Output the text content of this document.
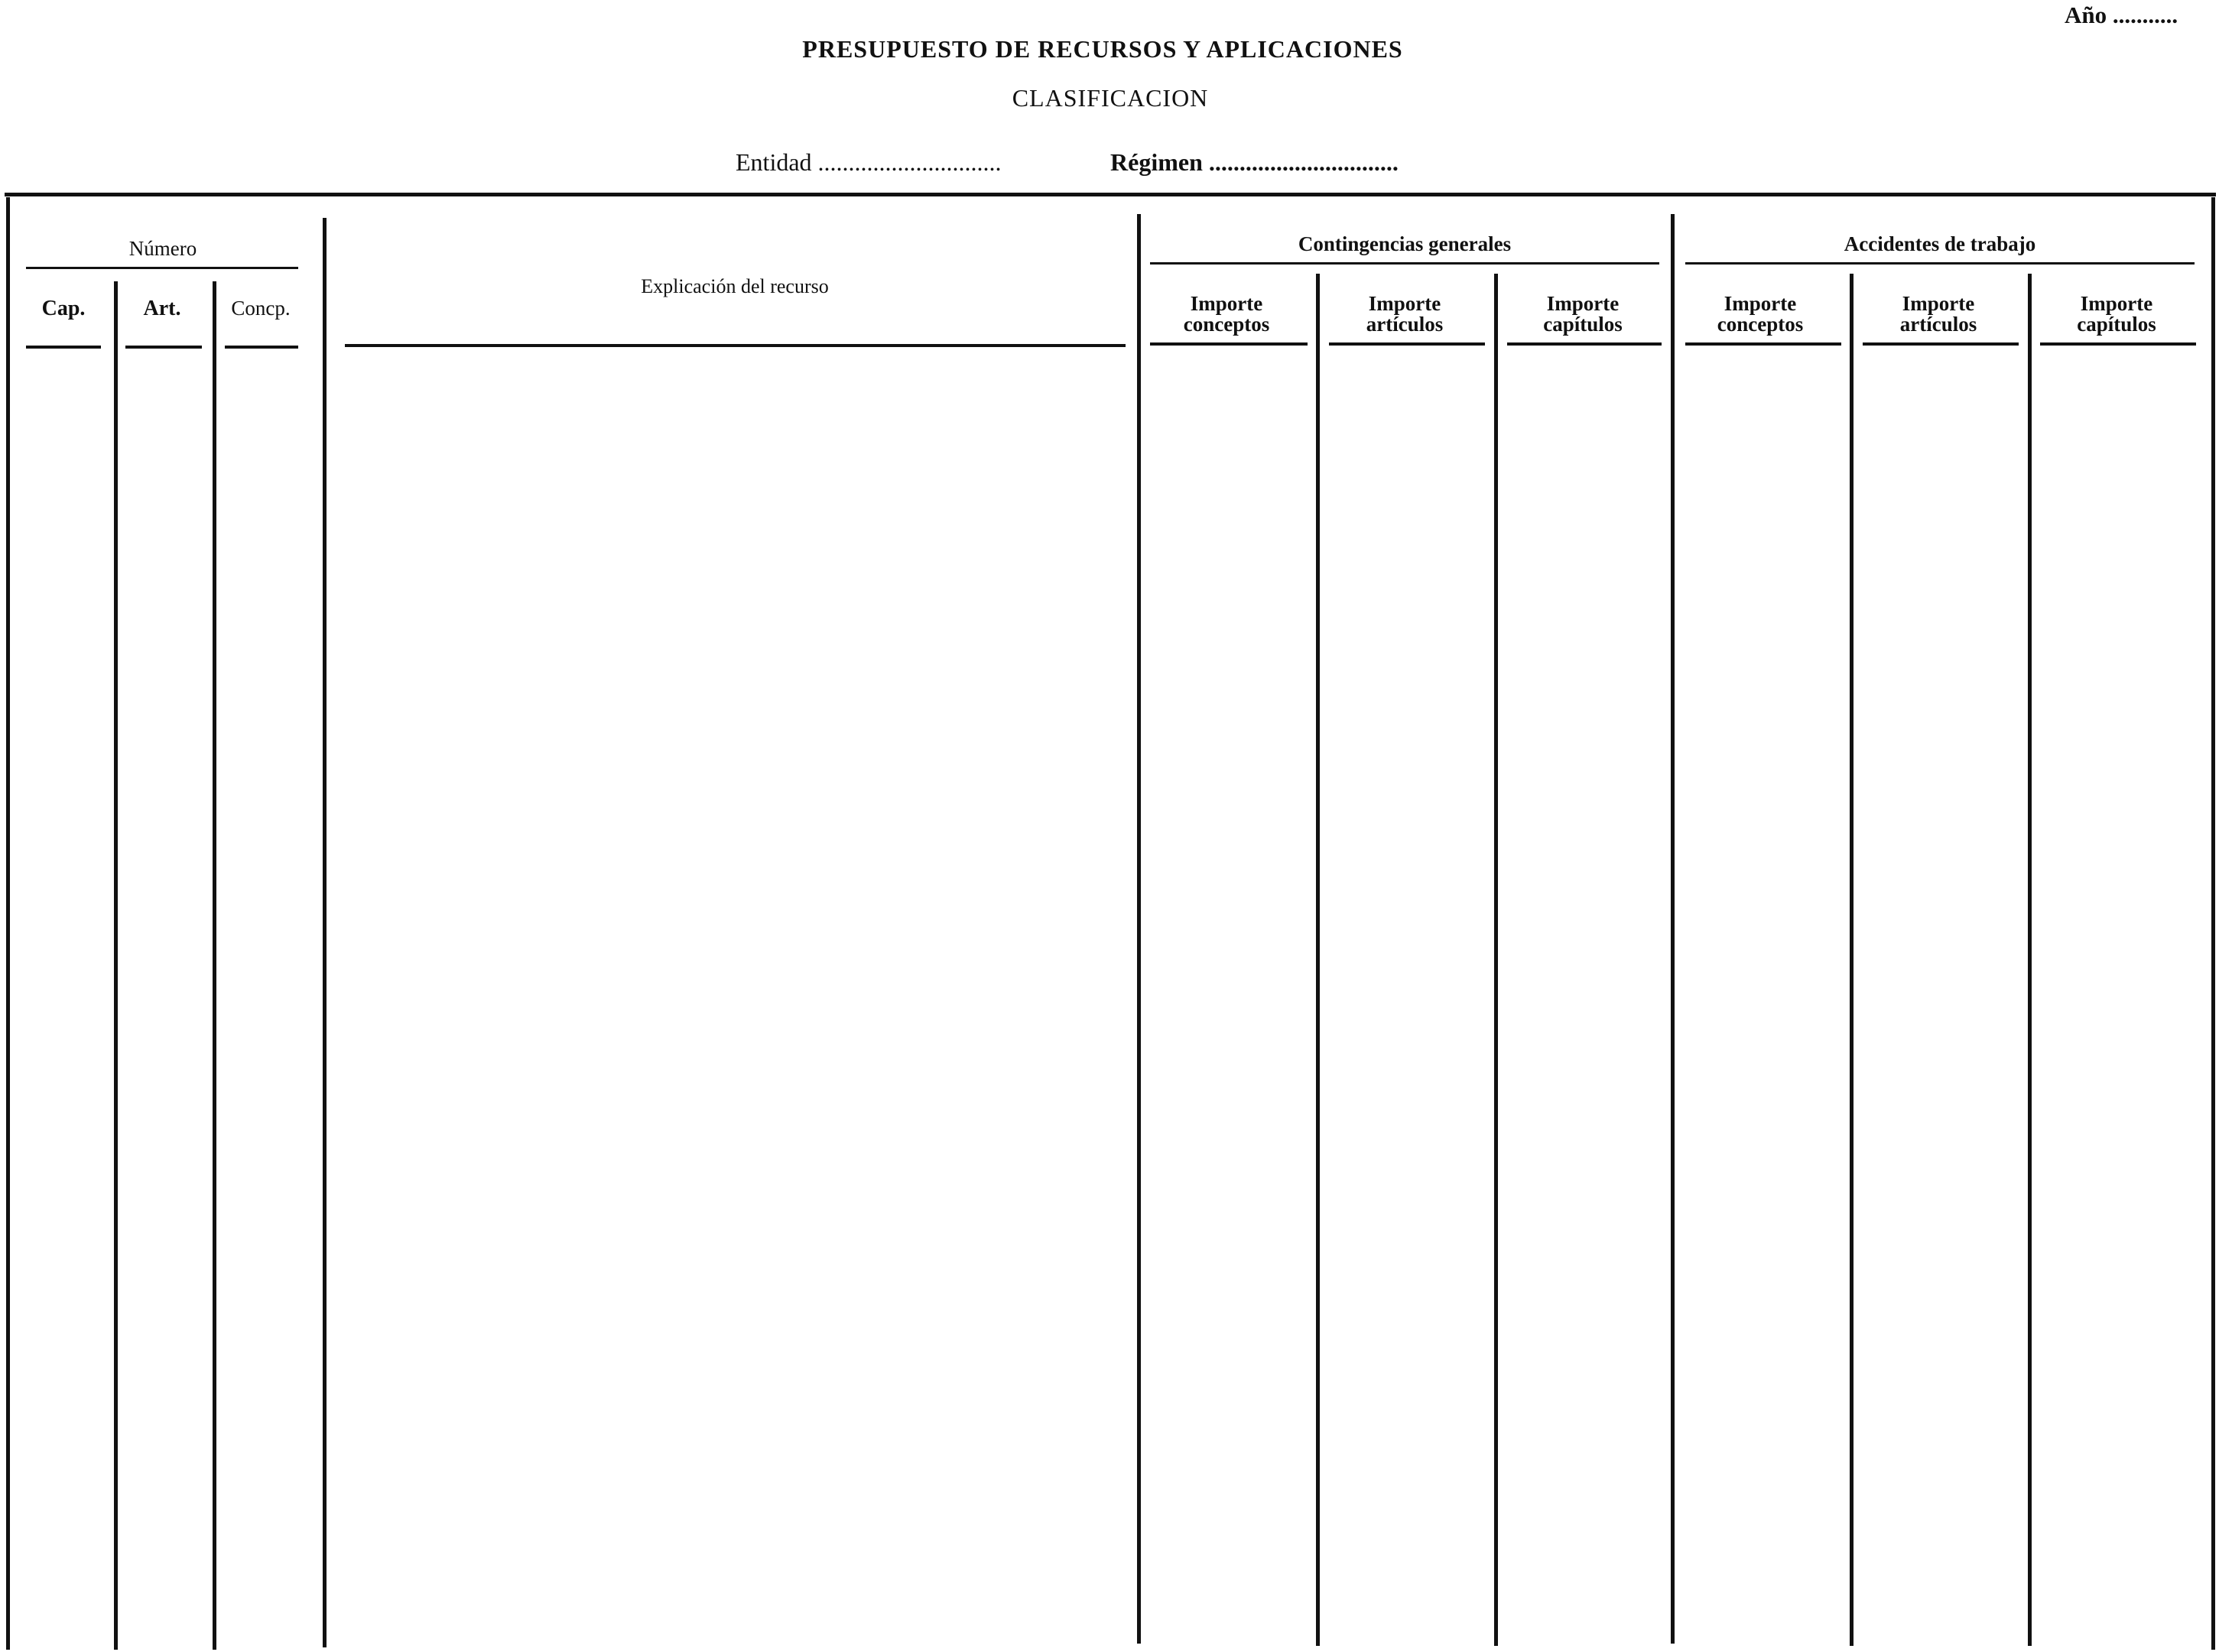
Año ...........
PRESUPUESTO DE RECURSOS Y APLICACIONES
CLASIFICACION
Entidad ..............................	Régimen ...............................
Número
Cap.	Art. Concp.
Explicación del recurso
Contingencias generales
Importe
conceptos
Importe
artículos
Importe
capítulos
Accidentes de trabajo
Importe
conceptos
Importe
artículos
Importe
capítulos
